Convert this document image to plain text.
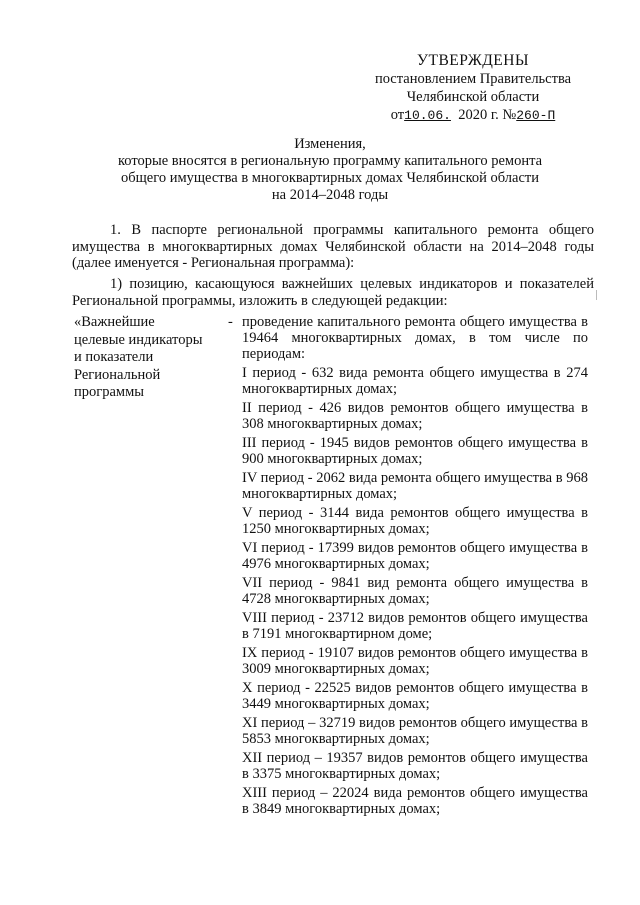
УТВЕРЖДЕНЫ
постановлением Правительства
Челябинской области
от10.06. 2020 г. №260-П
Изменения,
которые вносятся в региональную программу капитального ремонта
общего имущества в многоквартирных домах Челябинской области
на 2014–2048 годы
1. В паспорте региональной программы капитального ремонта общего имущества в многоквартирных домах Челябинской области на 2014–2048 годы (далее именуется - Региональная программа):
1) позицию, касающуюся важнейших целевых индикаторов и показателей Региональной программы, изложить в следующей редакции:
«Важнейшие
целевые индикаторы
и показатели
Региональной
программы
- проведение капитального ремонта общего имущества в 19464 многоквартирных домах, в том числе по периодам:

I период - 632 вида ремонта общего имущества в 274 многоквартирных домах;

II период - 426 видов ремонтов общего имущества в 308 многоквартирных домах;

III период - 1945 видов ремонтов общего имущества в 900 многоквартирных домах;

IV период - 2062 вида ремонта общего имущества в 968 многоквартирных домах;

V период - 3144 вида ремонтов общего имущества в 1250 многоквартирных домах;

VI период - 17399 видов ремонтов общего имущества в 4976 многоквартирных домах;

VII период - 9841 вид ремонта общего имущества в 4728 многоквартирных домах;

VIII период - 23712 видов ремонтов общего имущества в 7191 многоквартирном доме;

IX период - 19107 видов ремонтов общего имущества в 3009 многоквартирных домах;

X период - 22525 видов ремонтов общего имущества в 3449 многоквартирных домах;

XI период – 32719 видов ремонтов общего имущества в 5853 многоквартирных домах;

XII период – 19357 видов ремонтов общего имущества в 3375 многоквартирных домах;

XIII период – 22024 вида ремонтов общего имущества в 3849 многоквартирных домах;
